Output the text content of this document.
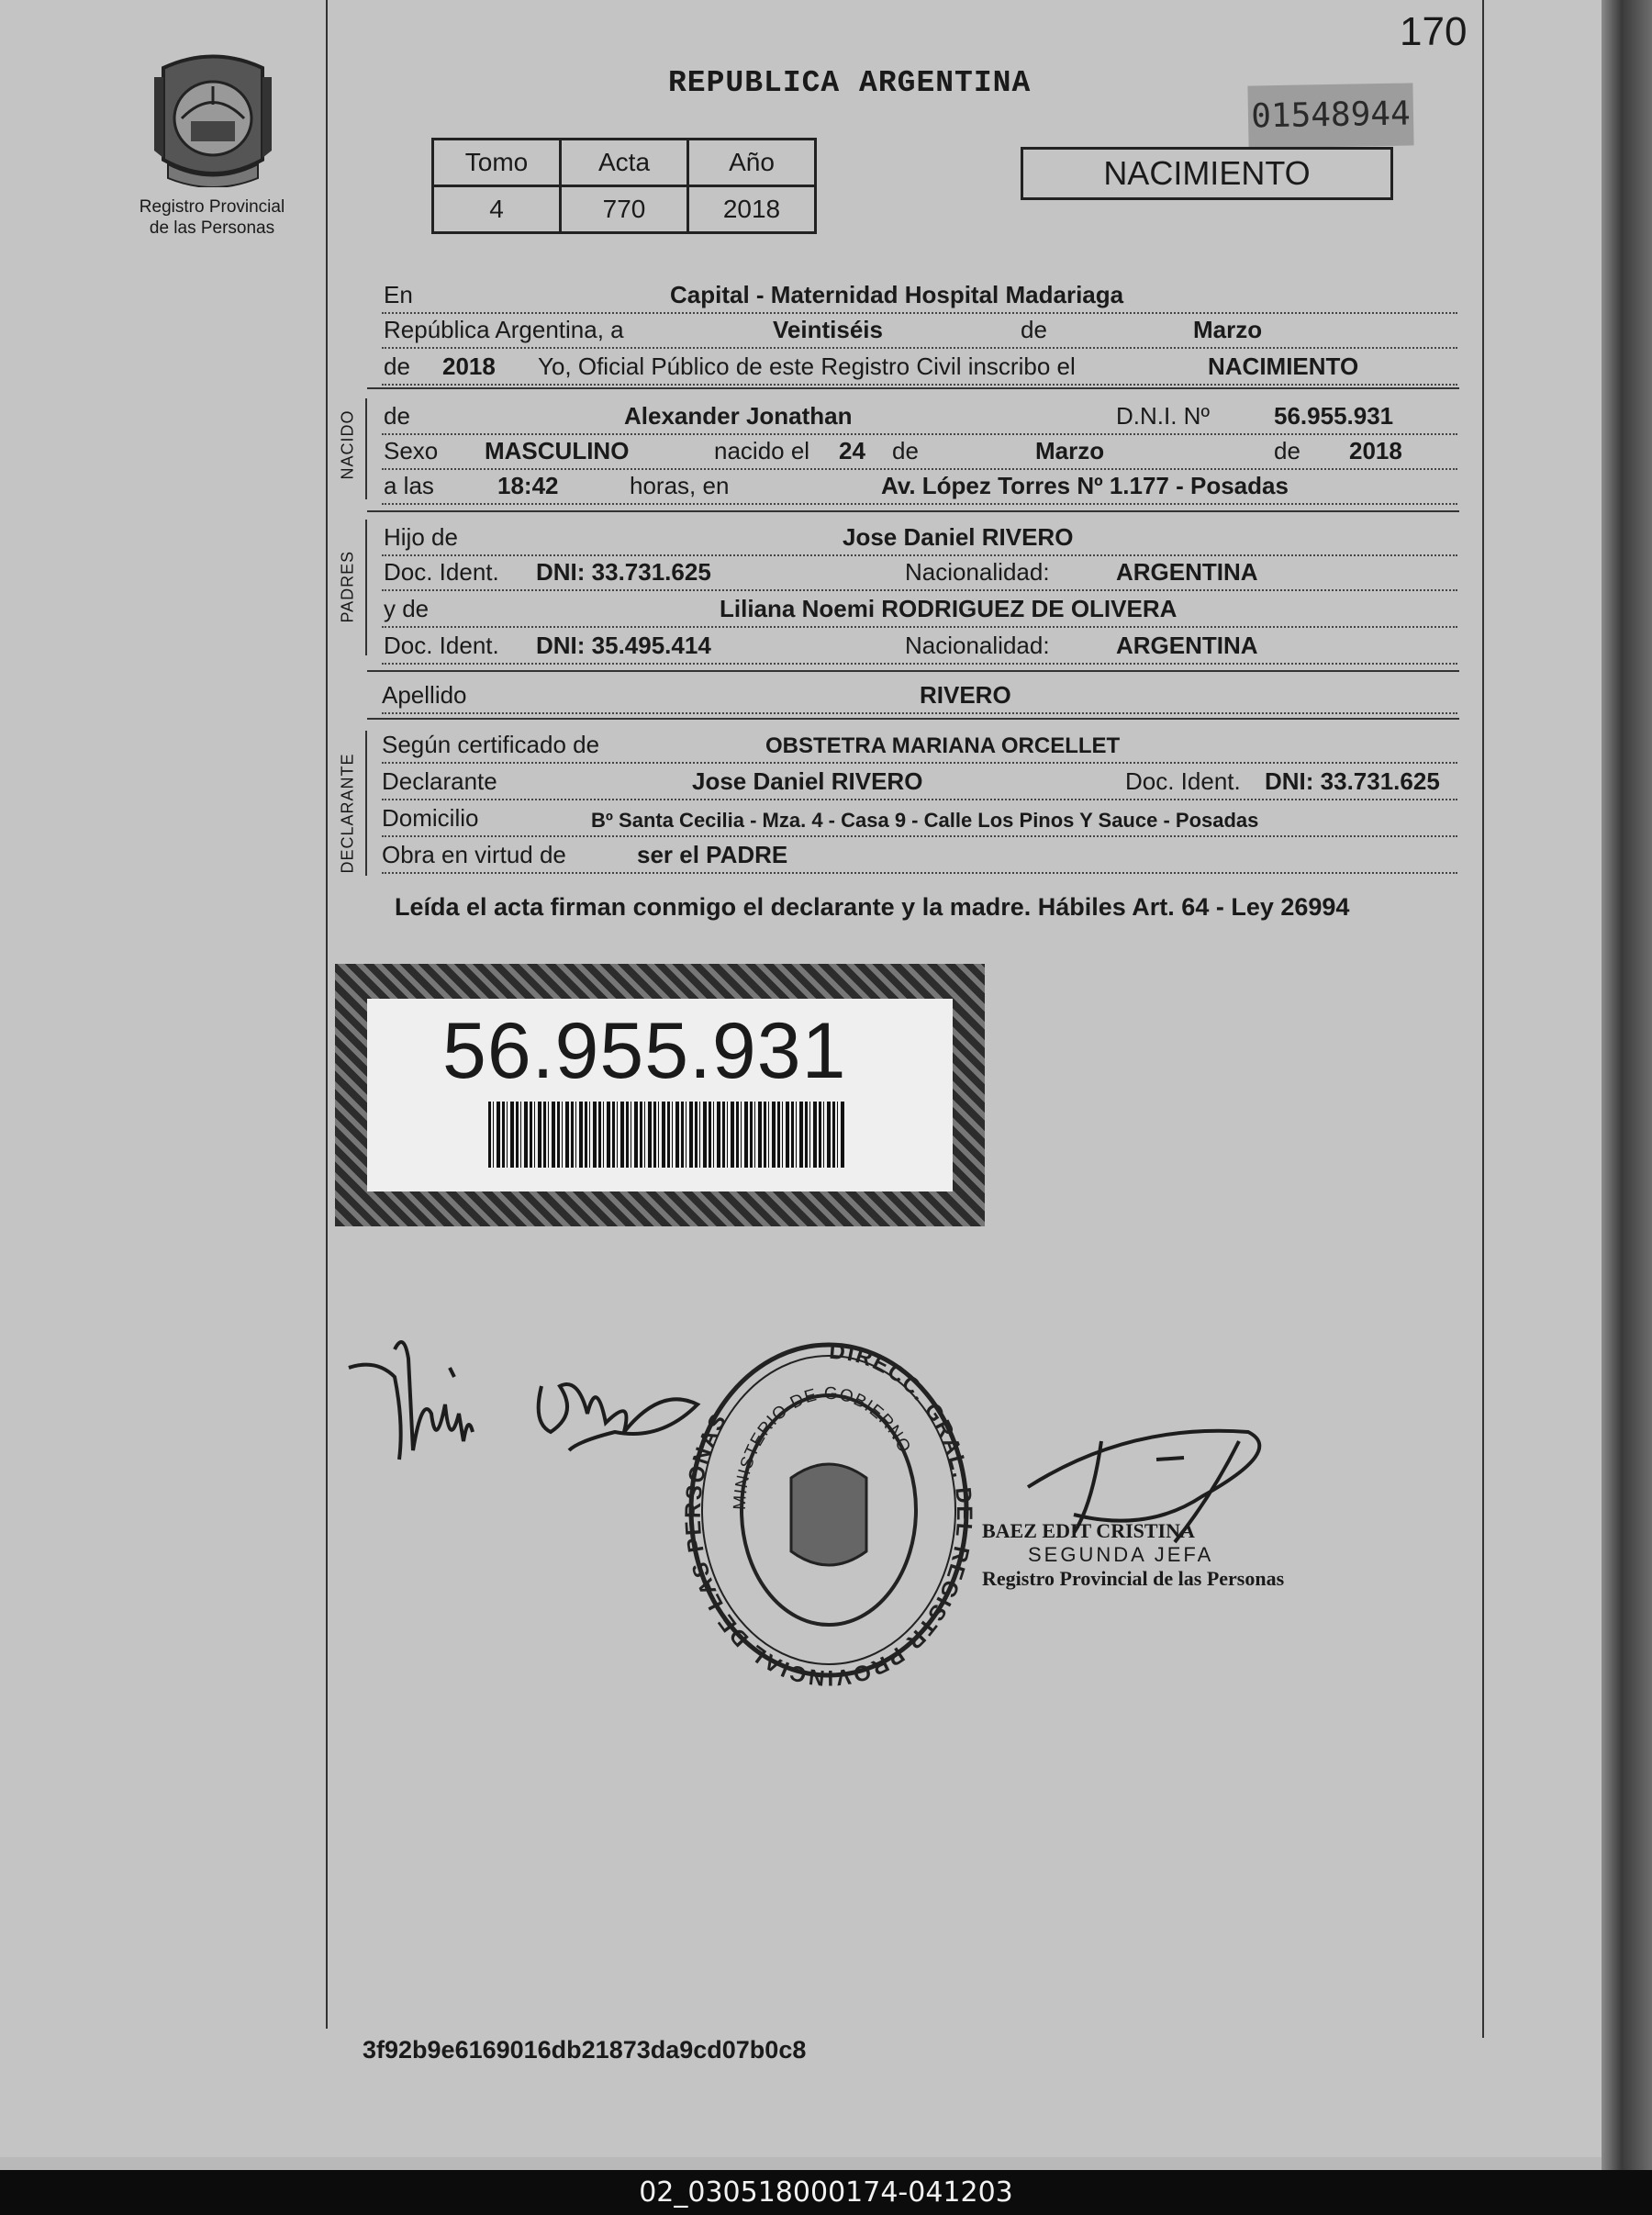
170
Registro Provincial
de las Personas
REPUBLICA ARGENTINA
01548944
NACIMIENTO
Tomo	Acta	Año
4	770	2018
En	Capital - Maternidad Hospital Madariaga
República Argentina, a	Veintiséis	de	Marzo
de 2018 Yo, Oficial Público de este Registro Civil inscribo el	NACIMIENTO
NACIDO de	Alexander Jonathan	D.N.I. Nº	56.955.931
Sexo MASCULINO	nacido el 24 de	Marzo	de 2018
a las	18:42	horas, en	Av. López Torres Nº 1.177 - Posadas
PADRES
Hijo de	Jose Daniel RIVERO
Doc. Ident. DNI: 33.731.625	Nacionalidad:	ARGENTINA
y de	Liliana Noemi RODRIGUEZ DE OLIVERA
Doc. Ident. DNI: 35.495.414	Nacionalidad:	ARGENTINA
Apellido	RIVERO
DECLARANTE
Según certificado de	OBSTETRA MARIANA ORCELLET
Declarante	Jose Daniel RIVERO	Doc. Ident. DNI: 33.731.625
Domicilio	Bº Santa Cecilia - Mza. 4 - Casa 9 - Calle Los Pinos Y Sauce - Posadas
Obra en virtud de	ser el PADRE
Leída el acta firman conmigo el declarante y la madre. Hábiles Art. 64 - Ley 26994
56.955.931
DIRECC. GRAL. DEL REGISTR PROVINCIAL DE LAS PERSONAS
MINISTERIO DE GOBIERNO
BAEZ EDIT CRISTINA
SEGUNDA JEFA
Registro Provincial de las Personas
3f92b9e6169016db21873da9cd07b0c8
02_030518000174-041203
